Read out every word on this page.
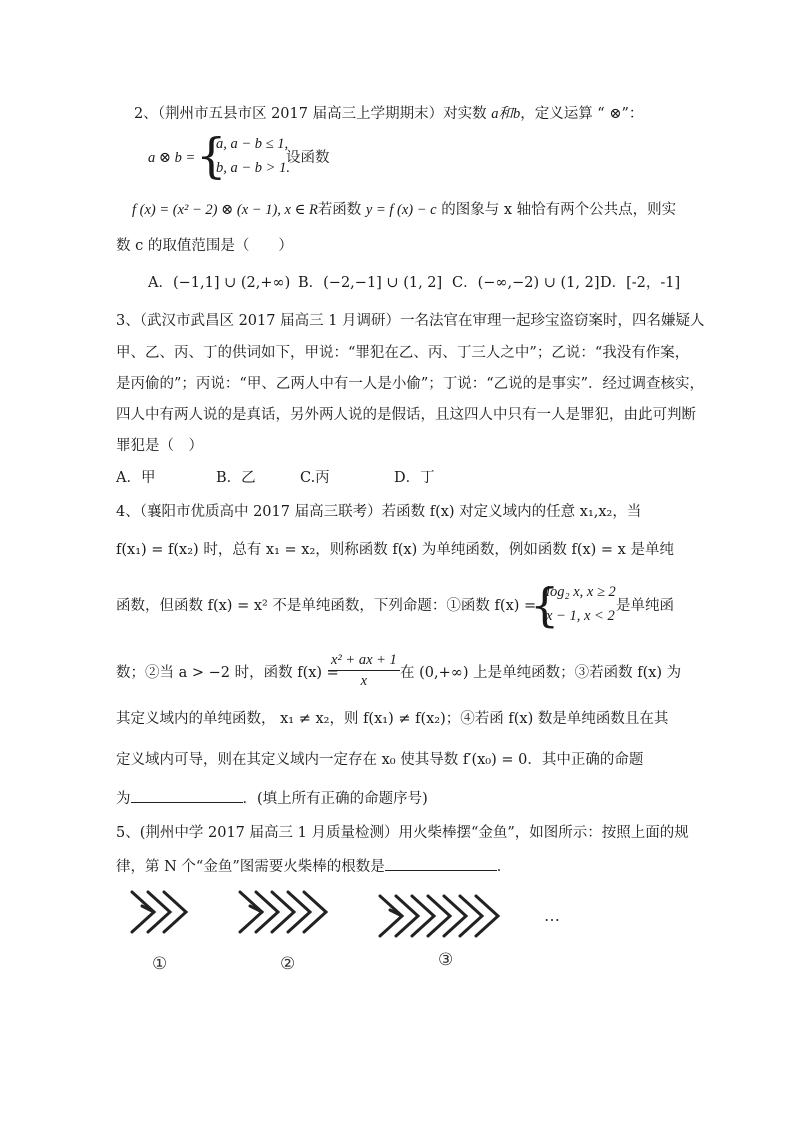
2、（荆州市五县市区 2017 届高三上学期期末）对实数 a和b，定义运算 “ ⊗”：
a ⊗ b = {
a, a − b ≤ 1,
b, a − b > 1.
设函数
f (x) = (x² − 2) ⊗ (x − 1), x ∈ R若函数 y = f (x) − c 的图象与 x 轴恰有两个公共点，则实
数 c 的取值范围是（　　）
A．(−1,1] ∪ (2,+∞) B．(−2,−1] ∪ (1, 2] C．(−∞,−2) ∪ (1, 2] D．[-2，-1]
3、（武汉市武昌区 2017 届高三 1 月调研）一名法官在审理一起珍宝盗窃案时，四名嫌疑人
甲、乙、丙、丁的供词如下，甲说：“罪犯在乙、丙、丁三人之中”；乙说：“我没有作案，
是丙偷的”；丙说：“甲、乙两人中有一人是小偷”；丁说：“乙说的是事实”．经过调查核实，
四人中有两人说的是真话，另外两人说的是假话，且这四人中只有一人是罪犯，由此可判断
罪犯是（　）
A．甲	B．乙	C.丙	D．丁
4、（襄阳市优质高中 2017 届高三联考）若函数 f(x) 对定义域内的任意 x₁,x₂，当
f(x₁) = f(x₂) 时，总有 x₁ = x₂，则称函数 f(x) 为单纯函数，例如函数 f(x) = x 是单纯
函数，但函数 f(x) = x² 不是单纯函数，下列命题：①函数 f(x) =
{
log₂ x, x ≥ 2
x − 1, x < 2
是单纯函
数；②当 a > −2 时，函数 f(x) =
$\frac{\text{x² + ax + 1}}{x}$ 在 (0,+∞) 上是单纯函数；③若函数 f(x) 为
其定义域内的单纯函数， x₁ ≠ x₂，则 f(x₁) ≠ f(x₂)；④若函 f(x) 数是单纯函数且在其
定义域内可导，则在其定义域内一定存在 x₀ 使其导数 f′(x₀) = 0．其中正确的命题
为	．(填上所有正确的命题序号)
5、(荆州中学 2017 届高三 1 月质量检测）用火柴棒摆“金鱼”，如图所示：按照上面的规
律，第 N 个“金鱼”图需要火柴棒的根数是	．
①	②	③
…
